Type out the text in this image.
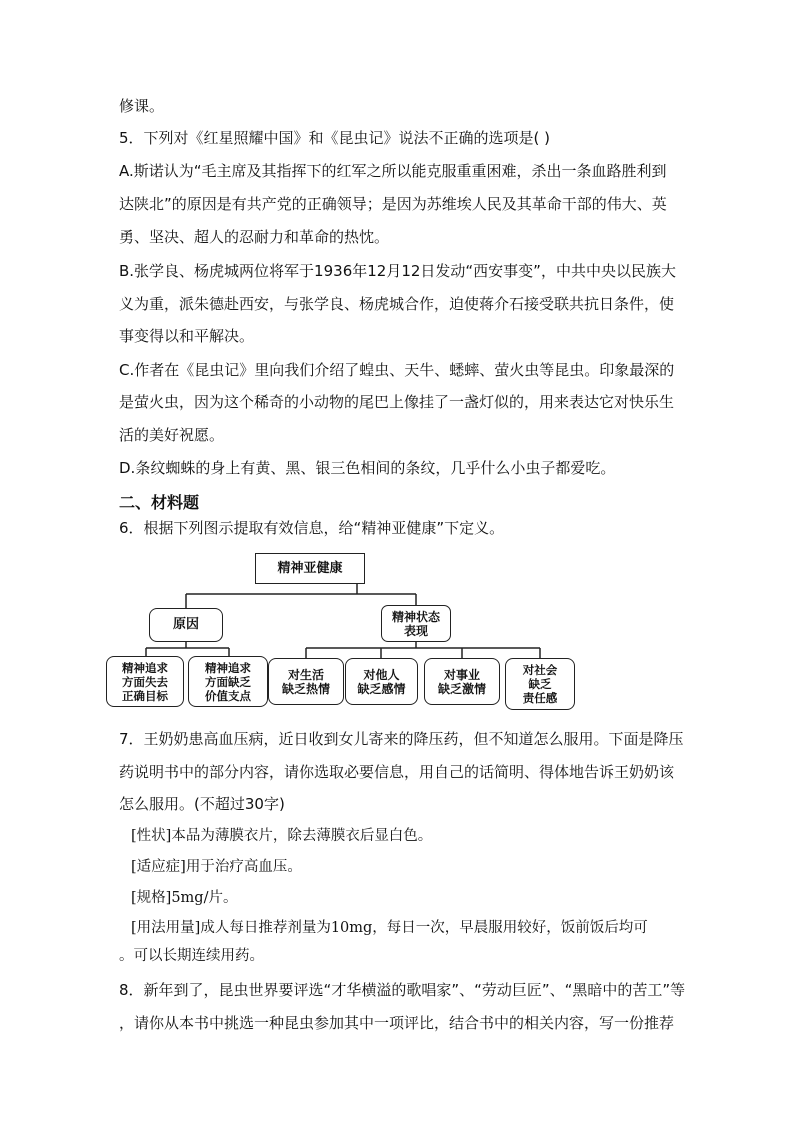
修课。
5．下列对《红星照耀中国》和《昆虫记》说法不正确的选项是( )
A.斯诺认为“毛主席及其指挥下的红军之所以能克服重重困难，杀出一条血路胜利到
达陕北”的原因是有共产党的正确领导；是因为苏维埃人民及其革命干部的伟大、英
勇、坚决、超人的忍耐力和革命的热忱。
B.张学良、杨虎城两位将军于1936年12月12日发动“西安事变”，中共中央以民族大
义为重，派朱德赴西安，与张学良、杨虎城合作，迫使蒋介石接受联共抗日条件，使
事变得以和平解决。
C.作者在《昆虫记》里向我们介绍了蝗虫、天牛、蟋蟀、萤火虫等昆虫。印象最深的
是萤火虫，因为这个稀奇的小动物的尾巴上像挂了一盏灯似的，用来表达它对快乐生
活的美好祝愿。
D.条纹蜘蛛的身上有黄、黑、银三色相间的条纹，几乎什么小虫子都爱吃。
二、材料题
6．根据下列图示提取有效信息，给“精神亚健康”下定义。
精神亚健康
原因
精神状态
表现
精神追求
方面失去
正确目标
精神追求
方面缺乏
价值支点
对生活
缺乏热情
对他人
缺乏感情
对事业
缺乏激情
对社会
缺乏
责任感
7．王奶奶患高血压病，近日收到女儿寄来的降压药，但不知道怎么服用。下面是降压
药说明书中的部分内容，请你选取必要信息，用自己的话简明、得体地告诉王奶奶该
怎么服用。(不超过30字)
[性状]本品为薄膜衣片，除去薄膜衣后显白色。
[适应症]用于治疗高血压。
[规格]5mg/片。
[用法用量]成人每日推荐剂量为10mg，每日一次，早晨服用较好，饭前饭后均可
。可以长期连续用药。
8．新年到了，昆虫世界要评选“才华横溢的歌唱家”、“劳动巨匠”、“黑暗中的苦工”等
，请你从本书中挑选一种昆虫参加其中一项评比，结合书中的相关内容，写一份推荐
